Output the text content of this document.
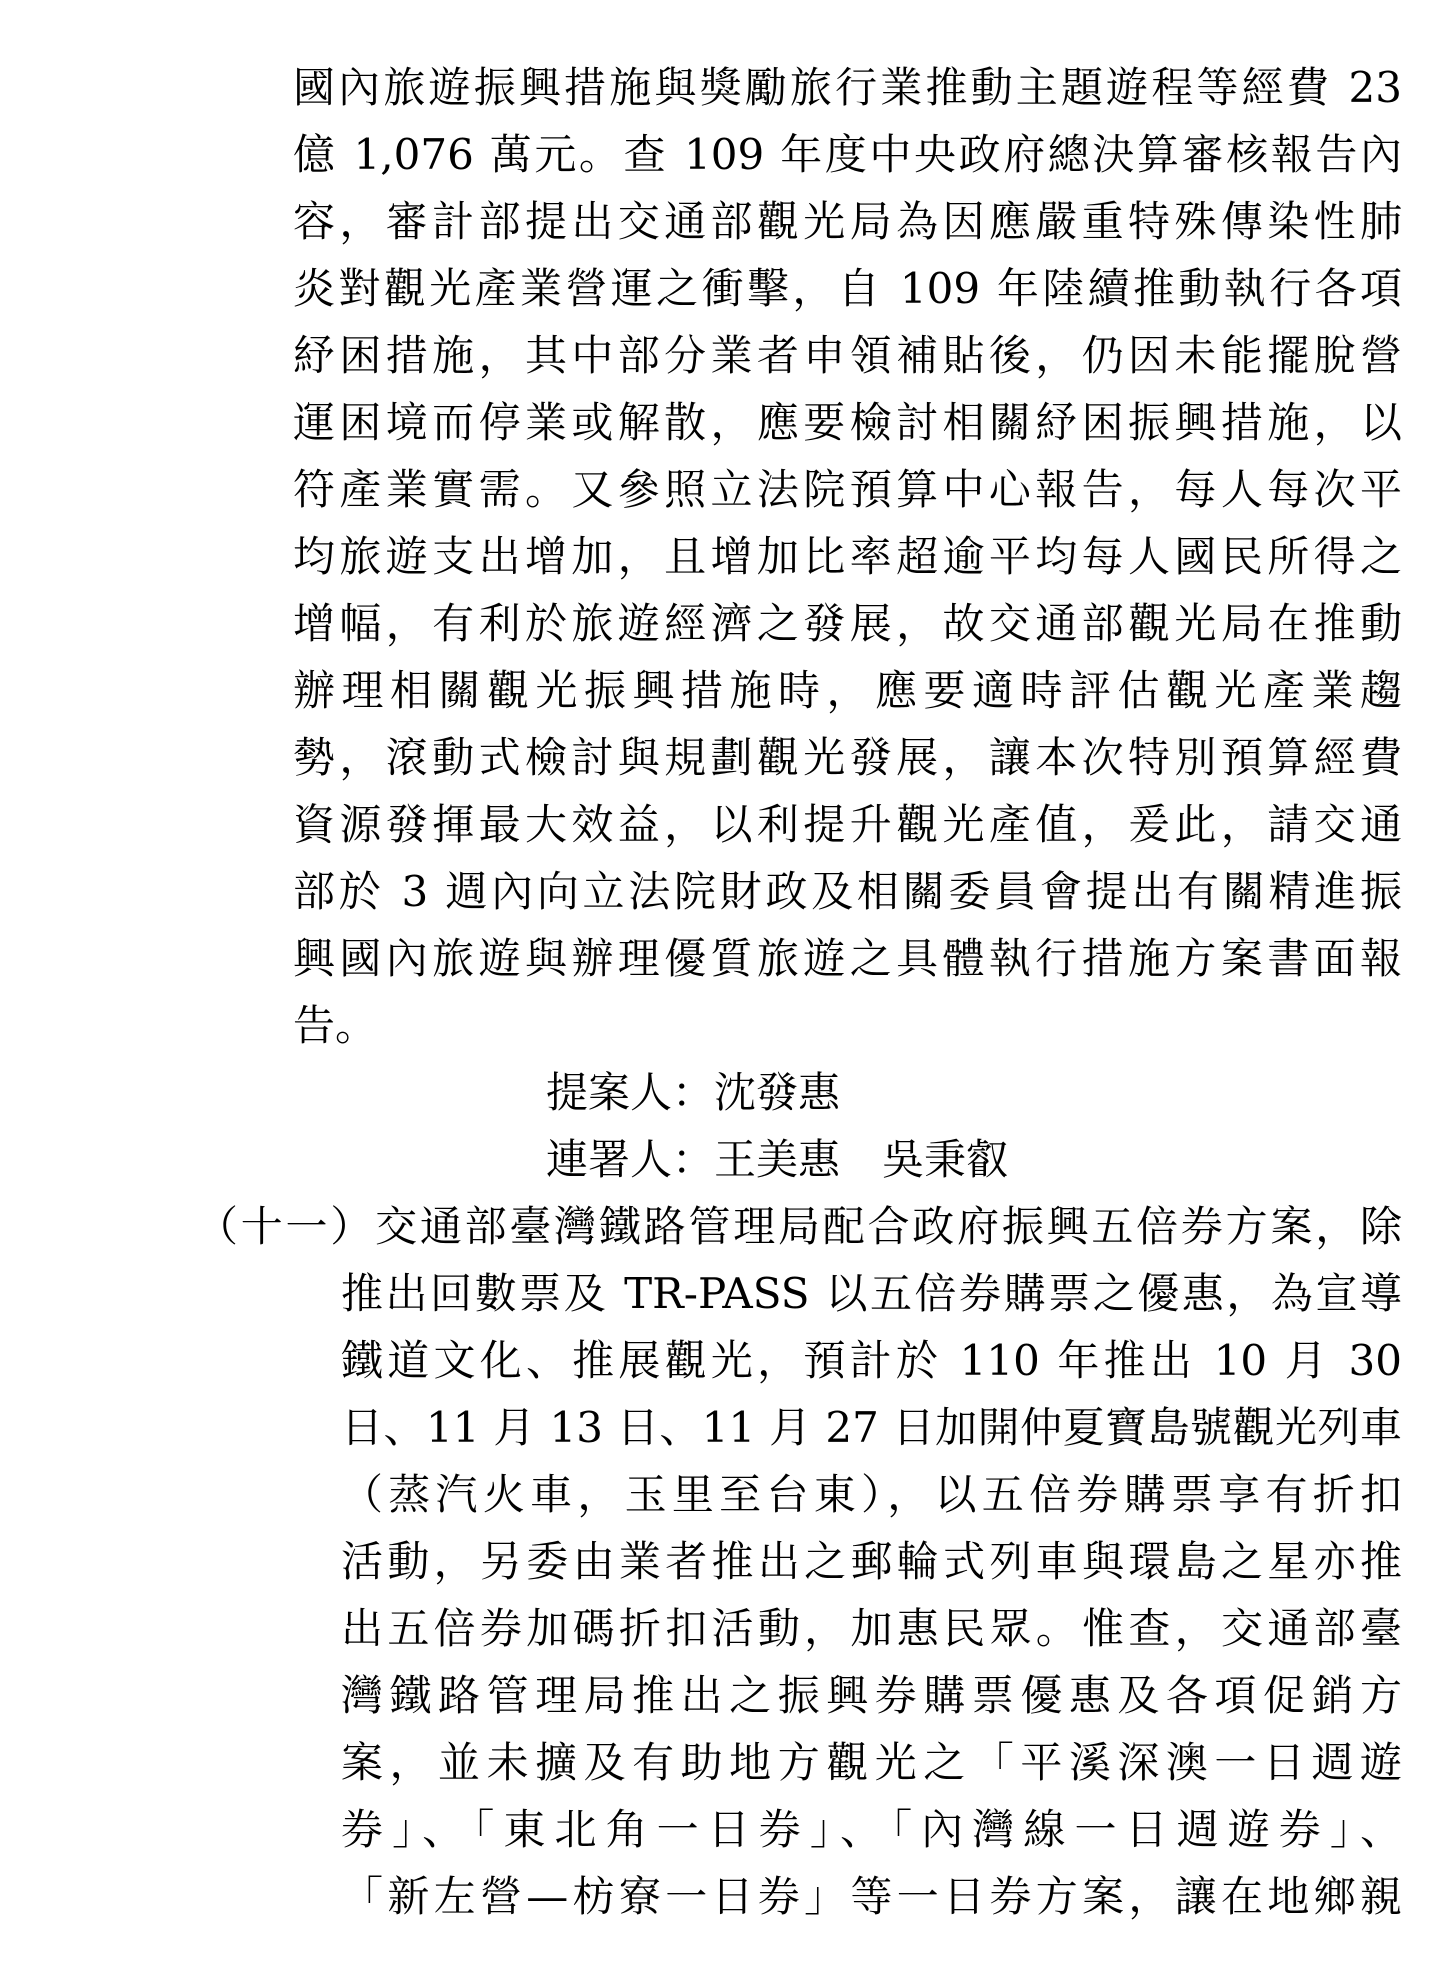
國內旅遊振興措施與獎勵旅行業推動主題遊程等經費 23
億 1,076 萬元。查 109 年度中央政府總決算審核報告內
容，審計部提出交通部觀光局為因應嚴重特殊傳染性肺
炎對觀光產業營運之衝擊，自 109 年陸續推動執行各項
紓困措施，其中部分業者申領補貼後，仍因未能擺脫營
運困境而停業或解散，應要檢討相關紓困振興措施，以
符產業實需。又參照立法院預算中心報告，每人每次平
均旅遊支出增加，且增加比率超逾平均每人國民所得之
增幅，有利於旅遊經濟之發展，故交通部觀光局在推動
辦理相關觀光振興措施時，應要適時評估觀光產業趨
勢，滾動式檢討與規劃觀光發展，讓本次特別預算經費
資源發揮最大效益，以利提升觀光產值，爰此，請交通
部於 3 週內向立法院財政及相關委員會提出有關精進振
興國內旅遊與辦理優質旅遊之具體執行措施方案書面報
告。
提案人：沈發惠
連署人：王美惠　吳秉叡
（十一）交通部臺灣鐵路管理局配合政府振興五倍券方案，除
推出回數票及 TR-PASS 以五倍券購票之優惠，為宣導
鐵道文化、推展觀光，預計於 110 年推出 10 月 30
日、11 月 13 日、11 月 27 日加開仲夏寶島號觀光列車
（蒸汽火車，玉里至台東），以五倍券購票享有折扣
活動，另委由業者推出之郵輪式列車與環島之星亦推
出五倍券加碼折扣活動，加惠民眾。惟查，交通部臺
灣鐵路管理局推出之振興券購票優惠及各項促銷方
案，並未擴及有助地方觀光之「平溪深澳一日週遊
券」、「東北角一日券」、「內灣線一日週遊券」、
「新左營—枋寮一日券」等一日券方案，讓在地鄉親
